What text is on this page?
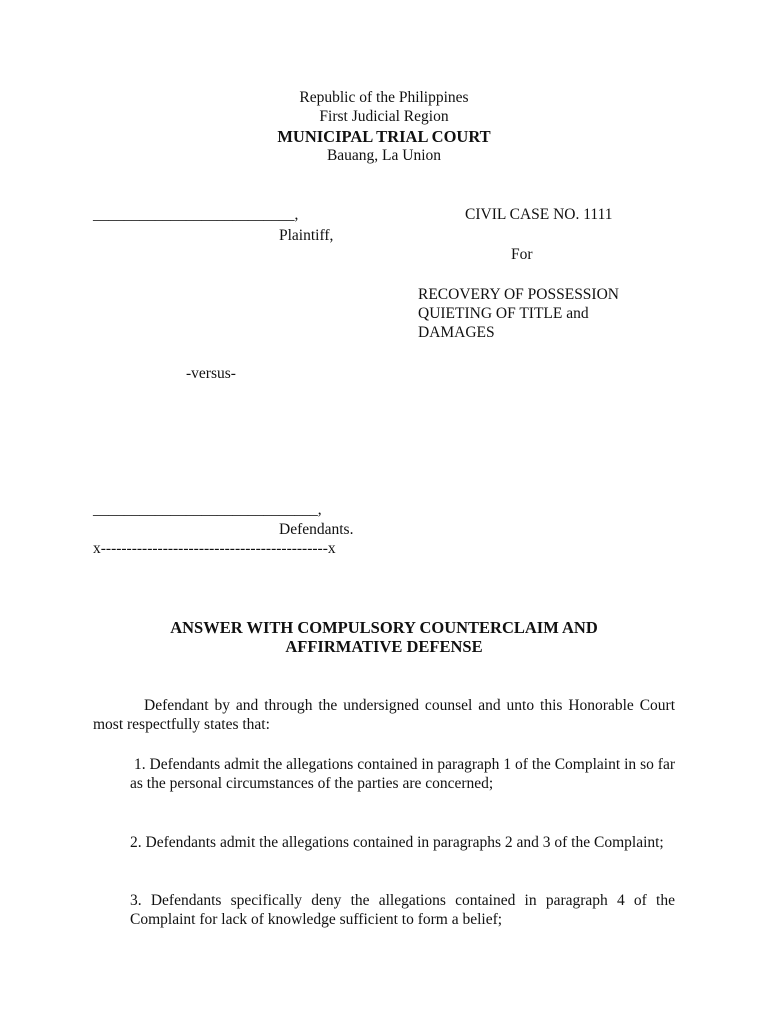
Republic of the Philippines
First Judicial Region
MUNICIPAL TRIAL COURT
Bauang, La Union
__________________________,
Plaintiff,
CIVIL CASE NO. 1111
For
RECOVERY OF POSSESSION
QUIETING OF TITLE and
DAMAGES
-versus-
_____________________________,
Defendants.
x--------------------------------------------x
ANSWER WITH COMPULSORY COUNTERCLAIM AND
AFFIRMATIVE DEFENSE
Defendant by and through the undersigned counsel and unto this Honorable Court most respectfully states that:
1. Defendants admit the allegations contained in paragraph 1 of the Complaint in so far as the personal circumstances of the parties are concerned;
2. Defendants admit the allegations contained in paragraphs 2 and 3 of the Complaint;
3. Defendants specifically deny the allegations contained in paragraph 4 of the Complaint for lack of knowledge sufficient to form a belief;
